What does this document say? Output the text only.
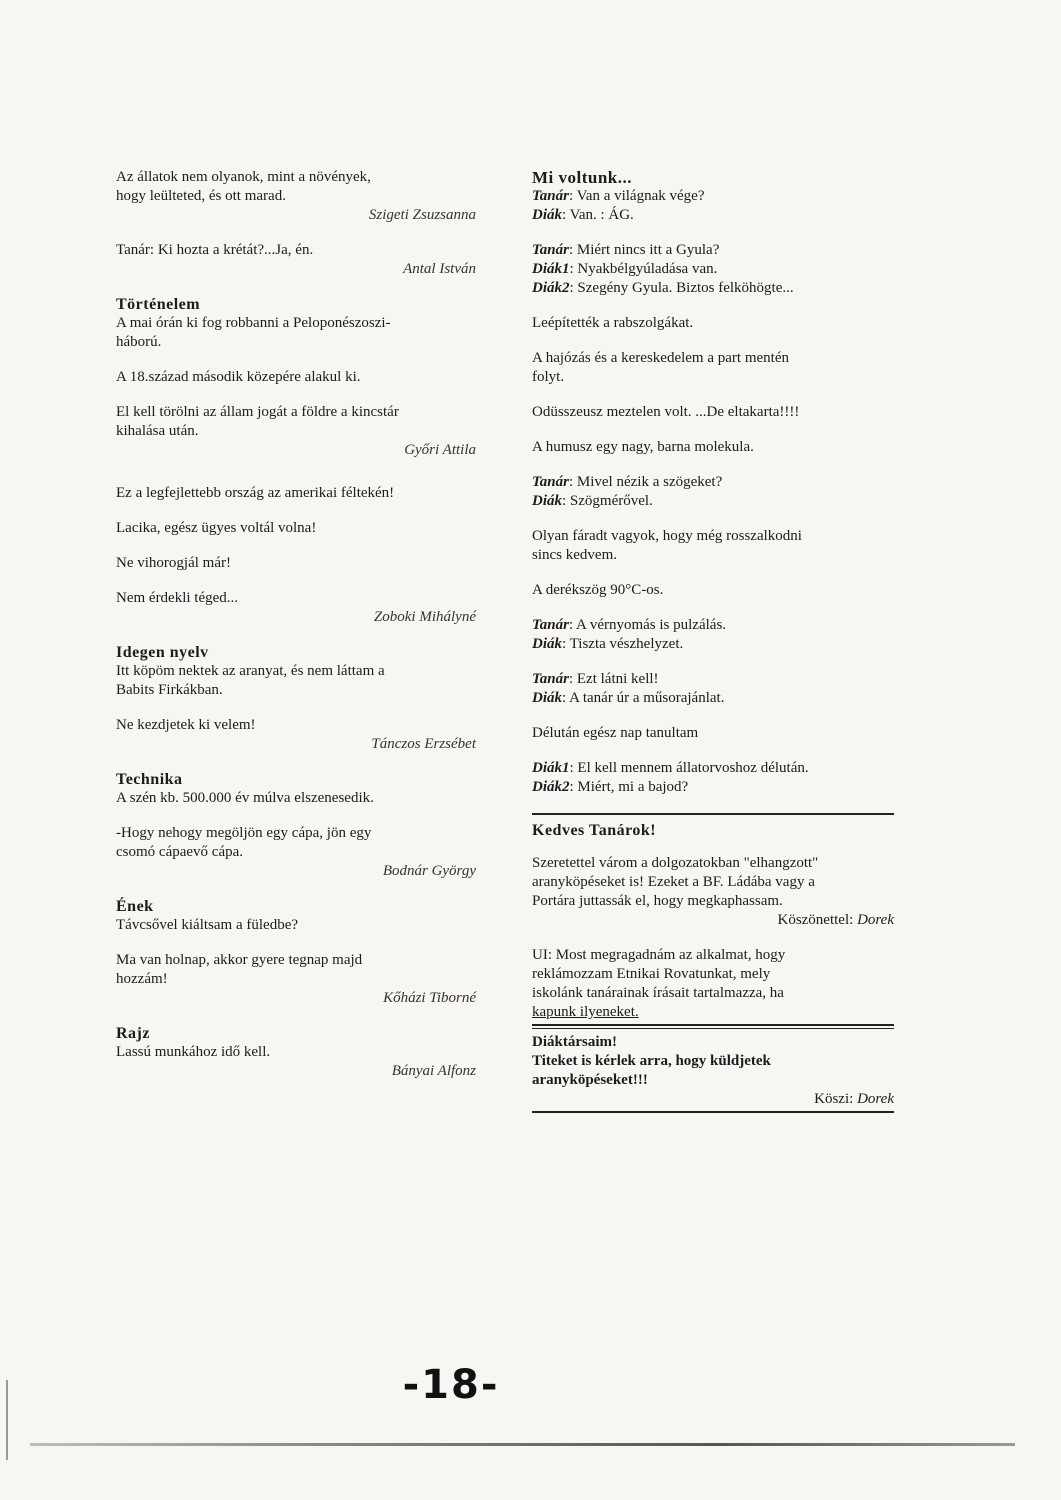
Az állatok nem olyanok, mint a növények,
hogy leülteted, és ott marad.
Szigeti Zsuzsanna
Tanár: Ki hozta a krétát?...Ja, én.
Antal István
Történelem
A mai órán ki fog robbanni a Peloponészoszi-
háború.
A 18.század második közepére alakul ki.
El kell törölni az állam jogát a földre a kincstár
kihalása után.
Győri Attila
Ez a legfejlettebb ország az amerikai féltekén!
Lacika, egész ügyes voltál volna!
Ne vihorogjál már!
Nem érdekli téged...
Zoboki Mihályné
Idegen nyelv
Itt köpöm nektek az aranyat, és nem láttam a
Babits Firkákban.
Ne kezdjetek ki velem!
Tánczos Erzsébet
Technika
A szén kb. 500.000 év múlva elszenesedik.
-Hogy nehogy megöljön egy cápa, jön egy
csomó cápaevő cápa.
Bodnár György
Ének
Távcsővel kiáltsam a füledbe?
Ma van holnap, akkor gyere tegnap majd
hozzám!
Kőházi Tiborné
Rajz
Lassú munkához idő kell.
Bányai Alfonz
Mi voltunk...
Tanár: Van a világnak vége?
Diák: Van. : ÁG.
Tanár: Miért nincs itt a Gyula?
Diák1: Nyakbélgyúladása van.
Diák2: Szegény Gyula. Biztos felköhögte...
Leépítették a rabszolgákat.
A hajózás és a kereskedelem a part mentén
folyt.
Odüsszeusz meztelen volt. ...De eltakarta!!!!
A humusz egy nagy, barna molekula.
Tanár: Mivel nézik a szögeket?
Diák: Szögmérővel.
Olyan fáradt vagyok, hogy még rosszalkodni
sincs kedvem.
A derékszög 90°C-os.
Tanár: A vérnyomás is pulzálás.
Diák: Tiszta vészhelyzet.
Tanár: Ezt látni kell!
Diák: A tanár úr a műsorajánlat.
Délután egész nap tanultam
Diák1: El kell mennem állatorvoshoz délután.
Diák2: Miért, mi a bajod?
Kedves Tanárok!
Szeretettel várom a dolgozatokban "elhangzott"
aranyköpéseket is! Ezeket a BF. Ládába vagy a
Portára juttassák el, hogy megkaphassam.
Köszönettel: Dorek
UI: Most megragadnám az alkalmat, hogy
reklámozzam Etnikai Rovatunkat, mely
iskolánk tanárainak írásait tartalmazza, ha
kapunk ilyeneket.
Diáktársaim!
Titeket is kérlek arra, hogy küldjetek
aranyköpéseket!!!
Köszi: Dorek
-18-
